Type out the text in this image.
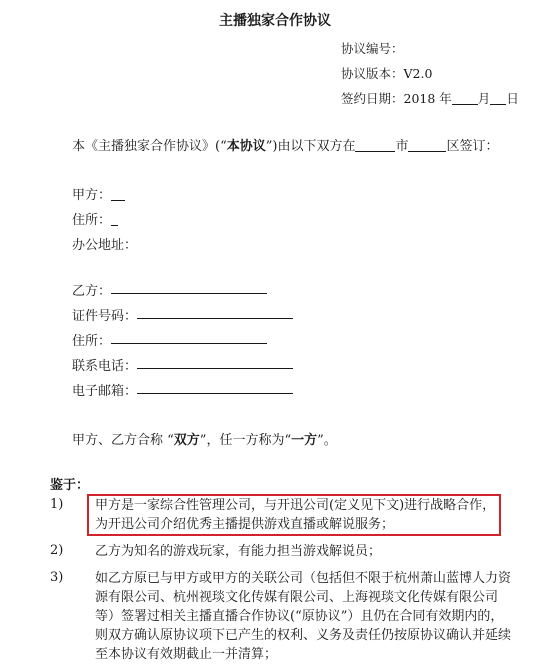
主播独家合作协议
协议编号：
协议版本：V2.0
签约日期：2018 年 月 日
本《主播独家合作协议》(“本协议”)由以下双方在	市	区签订：
甲方：
住所：
办公地址：
乙方：
证件号码：
住所：
联系电话：
电子邮箱：
甲方、乙方合称 “双方”，任一方称为“一方”。
鉴于：
1) 甲方是一家综合性管理公司，与开迅公司(定义见下文)进行战略合作，为开迅公司介绍优秀主播提供游戏直播或解说服务；
2) 乙方为知名的游戏玩家，有能力担当游戏解说员；
3) 如乙方原已与甲方或甲方的关联公司（包括但不限于杭州萧山蓝博人力资源有限公司、杭州视琰文化传媒有限公司、上海视琰文化传媒有限公司等）签署过相关主播直播合作协议(“原协议”）且仍在合同有效期内的，则双方确认原协议项下已产生的权利、义务及责任仍按原协议确认并延续至本协议有效期截止一并清算；
